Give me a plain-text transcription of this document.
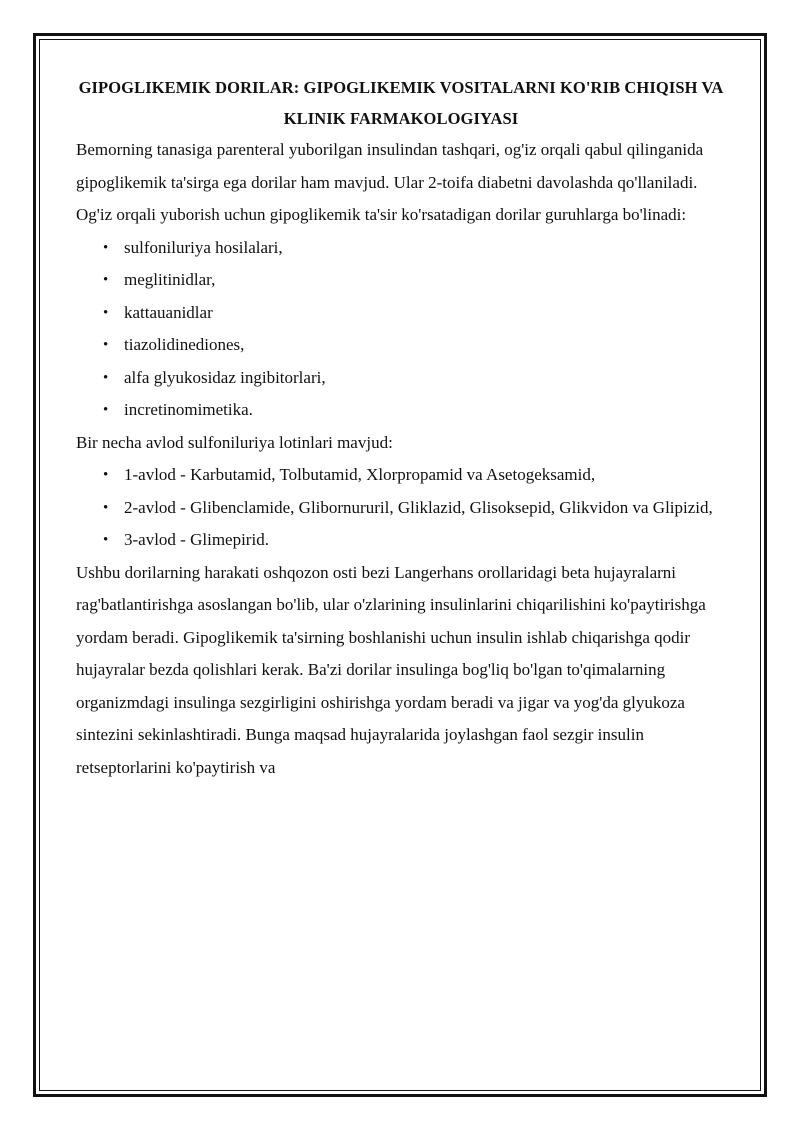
GIPOGLIKEMIK DORILAR: GIPOGLIKEMIK VOSITALARNI KO'RIB CHIQISH VA KLINIK FARMAKOLOGIYASI

Bemorning tanasiga parenteral yuborilgan insulindan tashqari, og'iz orqali qabul qilinganida gipoglikemik ta'sirga ega dorilar ham mavjud. Ular 2-toifa diabetni davolashda qo'llaniladi.

Og'iz orqali yuborish uchun gipoglikemik ta'sir ko'rsatadigan dorilar guruhlarga bo'linadi:

• sulfoniluriya hosilalari,
• meglitinidlar,
• kattauanidlar
• tiazolidinediones,
• alfa glyukosidaz ingibitorlari,
• incretinomimetika.

Bir necha avlod sulfoniluriya lotinlari mavjud:

• 1-avlod - Karbutamid, Tolbutamid, Xlorpropamid va Asetogeksamid,
• 2-avlod - Glibenclamide, Glibornururil, Gliklazid, Glisoksepid, Glikvidon va Glipizid,
• 3-avlod - Glimepirid.

Ushbu dorilarning harakati oshqozon osti bezi Langerhans orollaridagi beta hujayralarni rag'batlantirishga asoslangan bo'lib, ular o'zlarining insulinlarini chiqarilishini ko'paytirishga yordam beradi. Gipoglikemik ta'sirning boshlanishi uchun insulin ishlab chiqarishga qodir hujayralar bezda qolishlari kerak. Ba'zi dorilar insulinga bog'liq bo'lgan to'qimalarning organizmdagi insulinga sezgirligini oshirishga yordam beradi va jigar va yog'da glyukoza sintezini sekinlashtiradi. Bunga maqsad hujayralarida joylashgan faol sezgir insulin retseptorlarini ko'paytirish va
